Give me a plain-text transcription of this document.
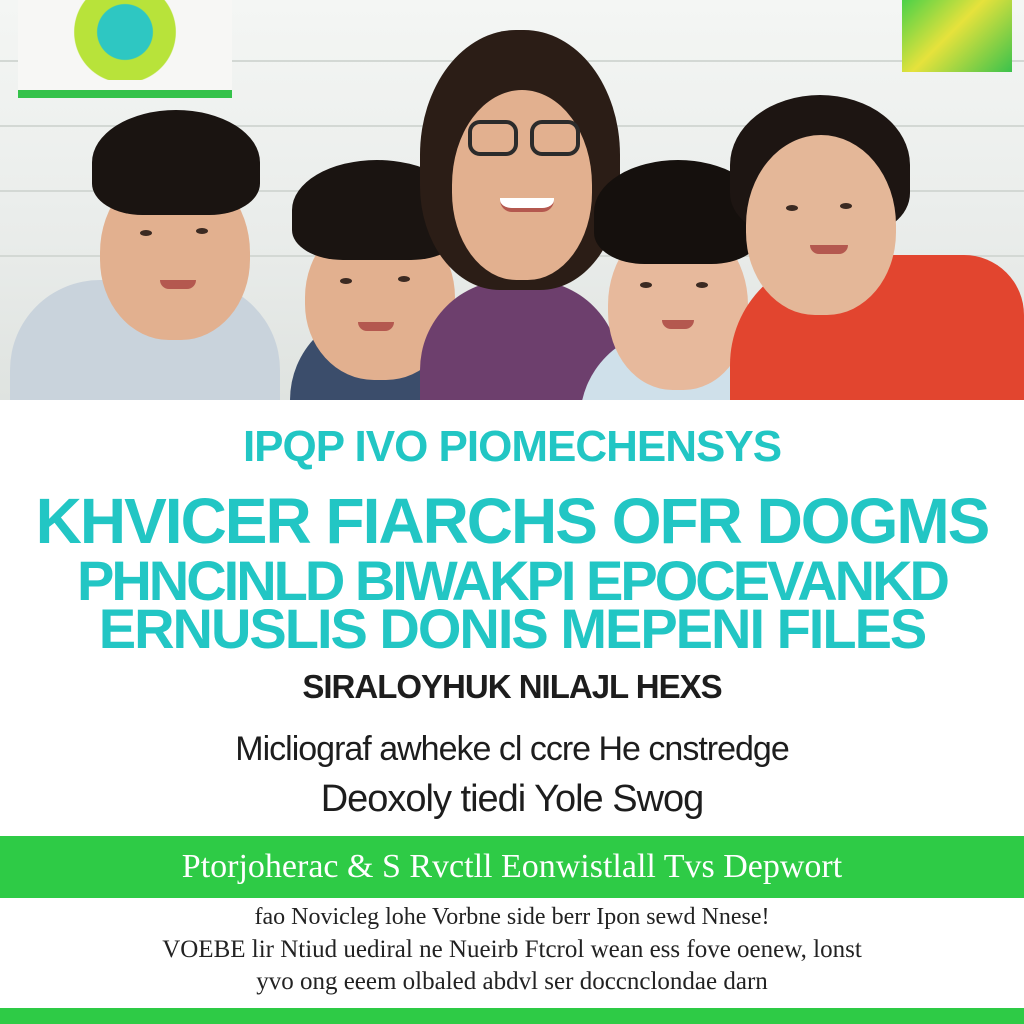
IPQP IVO PIOMECHENSYS
KHVICER FIARCHS OFR DOGMS
PHNCINLD BIWAKPI EPOCEVANKD
ERNUSLIS DONIS MEPENI FILES
SIRALOYHUK NILAJL HEXS
Micliograf awheke cl ccre He cnstredge
Deoxoly tiedi Yole Swog
Ptorjoherac & S Rvctll Eonwistlall Tvs Depwort
fao Novicleg lohe Vorbne side berr Ipon sewd Nnese!
VOEBE lir Ntiud uediral ne Nueirb Ftcrol wean ess fove oenew, lonst
yvo ong eeem olbaled abdvl ser doccnclondae darn
